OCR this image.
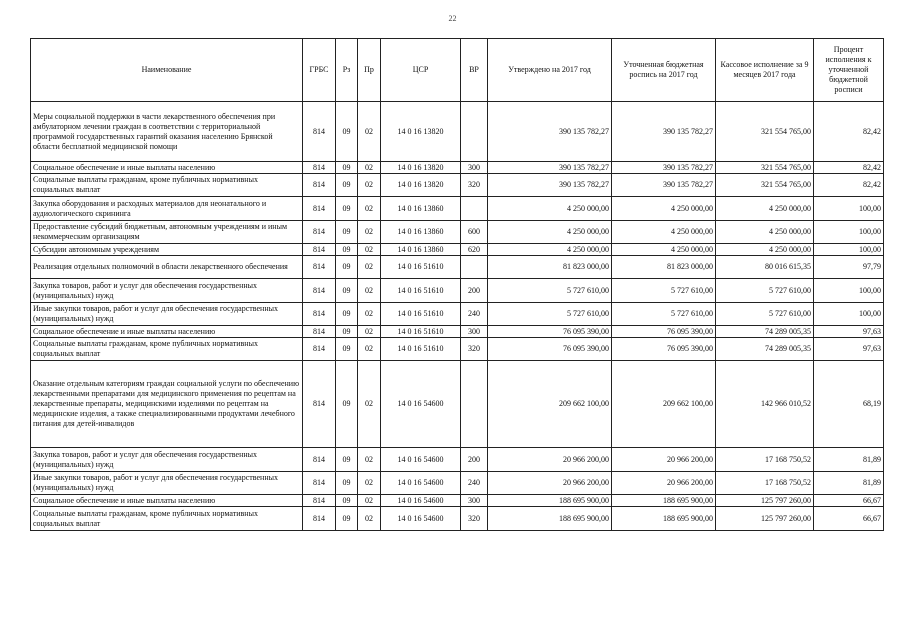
22
Наименование	ГРБС	Рз	Пр	ЦСР	ВР	Утверждено на 2017 год	Уточненная бюджетная роспись на 2017 год	Кассовое исполнение за 9 месяцев 2017 года	Процент исполнения к уточненной бюджетной росписи
Меры социальной поддержки в части лекарственного обеспечения при амбулаторном лечении граждан в соответствии с территориальной программой государственных гарантий оказания населению Брянской области бесплатной медицинской помощи	814	09	02	14 0 16 13820		390 135 782,27	390 135 782,27	321 554 765,00	82,42
Социальное обеспечение и иные выплаты населению	814	09	02	14 0 16 13820	300	390 135 782,27	390 135 782,27	321 554 765,00	82,42
Социальные выплаты гражданам, кроме публичных нормативных социальных выплат	814	09	02	14 0 16 13820	320	390 135 782,27	390 135 782,27	321 554 765,00	82,42
Закупка оборудования и расходных материалов для неонатального и аудиологического скрининга	814	09	02	14 0 16 13860		4 250 000,00	4 250 000,00	4 250 000,00	100,00
Предоставление субсидий бюджетным, автономным учреждениям и иным некоммерческим организациям	814	09	02	14 0 16 13860	600	4 250 000,00	4 250 000,00	4 250 000,00	100,00
Субсидии автономным учреждениям	814	09	02	14 0 16 13860	620	4 250 000,00	4 250 000,00	4 250 000,00	100,00
Реализация отдельных полномочий в области лекарственного обеспечения	814	09	02	14 0 16 51610		81 823 000,00	81 823 000,00	80 016 615,35	97,79
Закупка товаров, работ и услуг для обеспечения государственных (муниципальных) нужд	814	09	02	14 0 16 51610	200	5 727 610,00	5 727 610,00	5 727 610,00	100,00
Иные закупки товаров, работ и услуг для обеспечения государственных (муниципальных) нужд	814	09	02	14 0 16 51610	240	5 727 610,00	5 727 610,00	5 727 610,00	100,00
Социальное обеспечение и иные выплаты населению	814	09	02	14 0 16 51610	300	76 095 390,00	76 095 390,00	74 289 005,35	97,63
Социальные выплаты гражданам, кроме публичных нормативных социальных выплат	814	09	02	14 0 16 51610	320	76 095 390,00	76 095 390,00	74 289 005,35	97,63
Оказание отдельным категориям граждан социальной услуги по обеспечению лекарственными препаратами для медицинского применения по рецептам на лекарственные препараты, медицинскими изделиями по рецептам на медицинские изделия, а также специализированными продуктами лечебного питания для детей-инвалидов	814	09	02	14 0 16 54600		209 662 100,00	209 662 100,00	142 966 010,52	68,19
Закупка товаров, работ и услуг для обеспечения государственных (муниципальных) нужд	814	09	02	14 0 16 54600	200	20 966 200,00	20 966 200,00	17 168 750,52	81,89
Иные закупки товаров, работ и услуг для обеспечения государственных (муниципальных) нужд	814	09	02	14 0 16 54600	240	20 966 200,00	20 966 200,00	17 168 750,52	81,89
Социальное обеспечение и иные выплаты населению	814	09	02	14 0 16 54600	300	188 695 900,00	188 695 900,00	125 797 260,00	66,67
Социальные выплаты гражданам, кроме публичных нормативных социальных выплат	814	09	02	14 0 16 54600	320	188 695 900,00	188 695 900,00	125 797 260,00	66,67
